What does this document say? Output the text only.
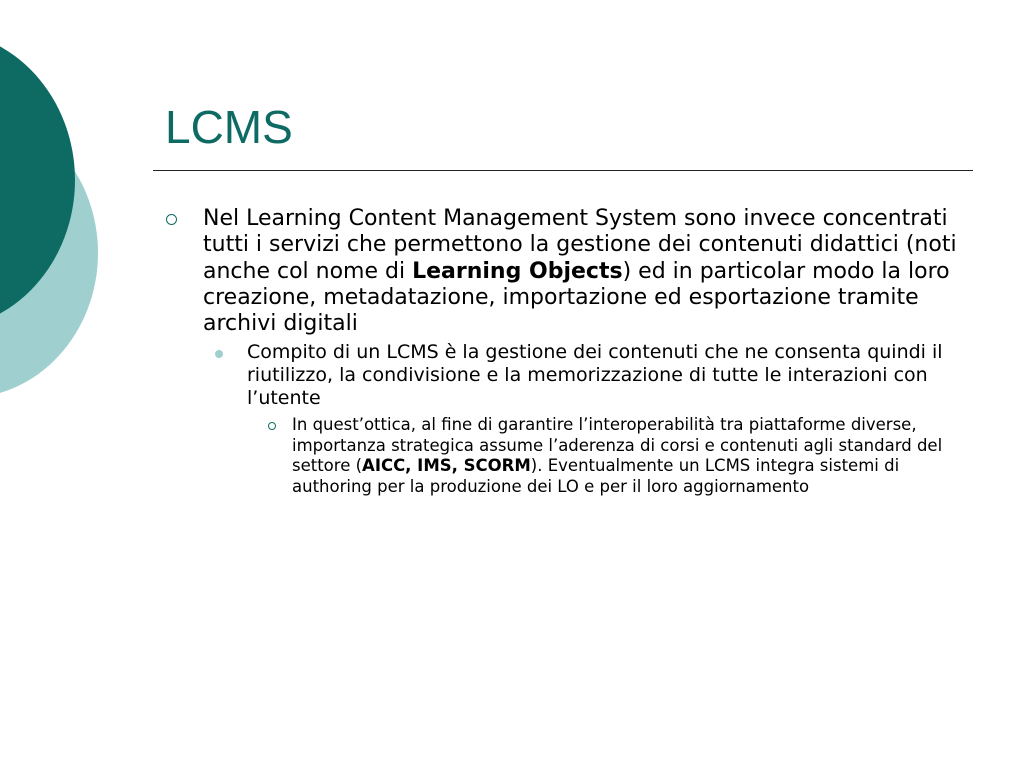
LCMS
Nel Learning Content Management System sono invece concentrati tutti i servizi che permettono la gestione dei contenuti didattici (noti anche col nome di Learning Objects) ed in particolar modo la loro creazione, metadatazione, importazione ed esportazione tramite archivi digitali
Compito di un LCMS è la gestione dei contenuti che ne consenta quindi il riutilizzo, la condivisione e la memorizzazione di tutte le interazioni con l’utente
In quest’ottica, al fine di garantire l’interoperabilità tra piattaforme diverse, importanza strategica assume l’aderenza di corsi e contenuti agli standard del settore (AICC, IMS, SCORM). Eventualmente un LCMS integra sistemi di authoring per la produzione dei LO e per il loro aggiornamento
